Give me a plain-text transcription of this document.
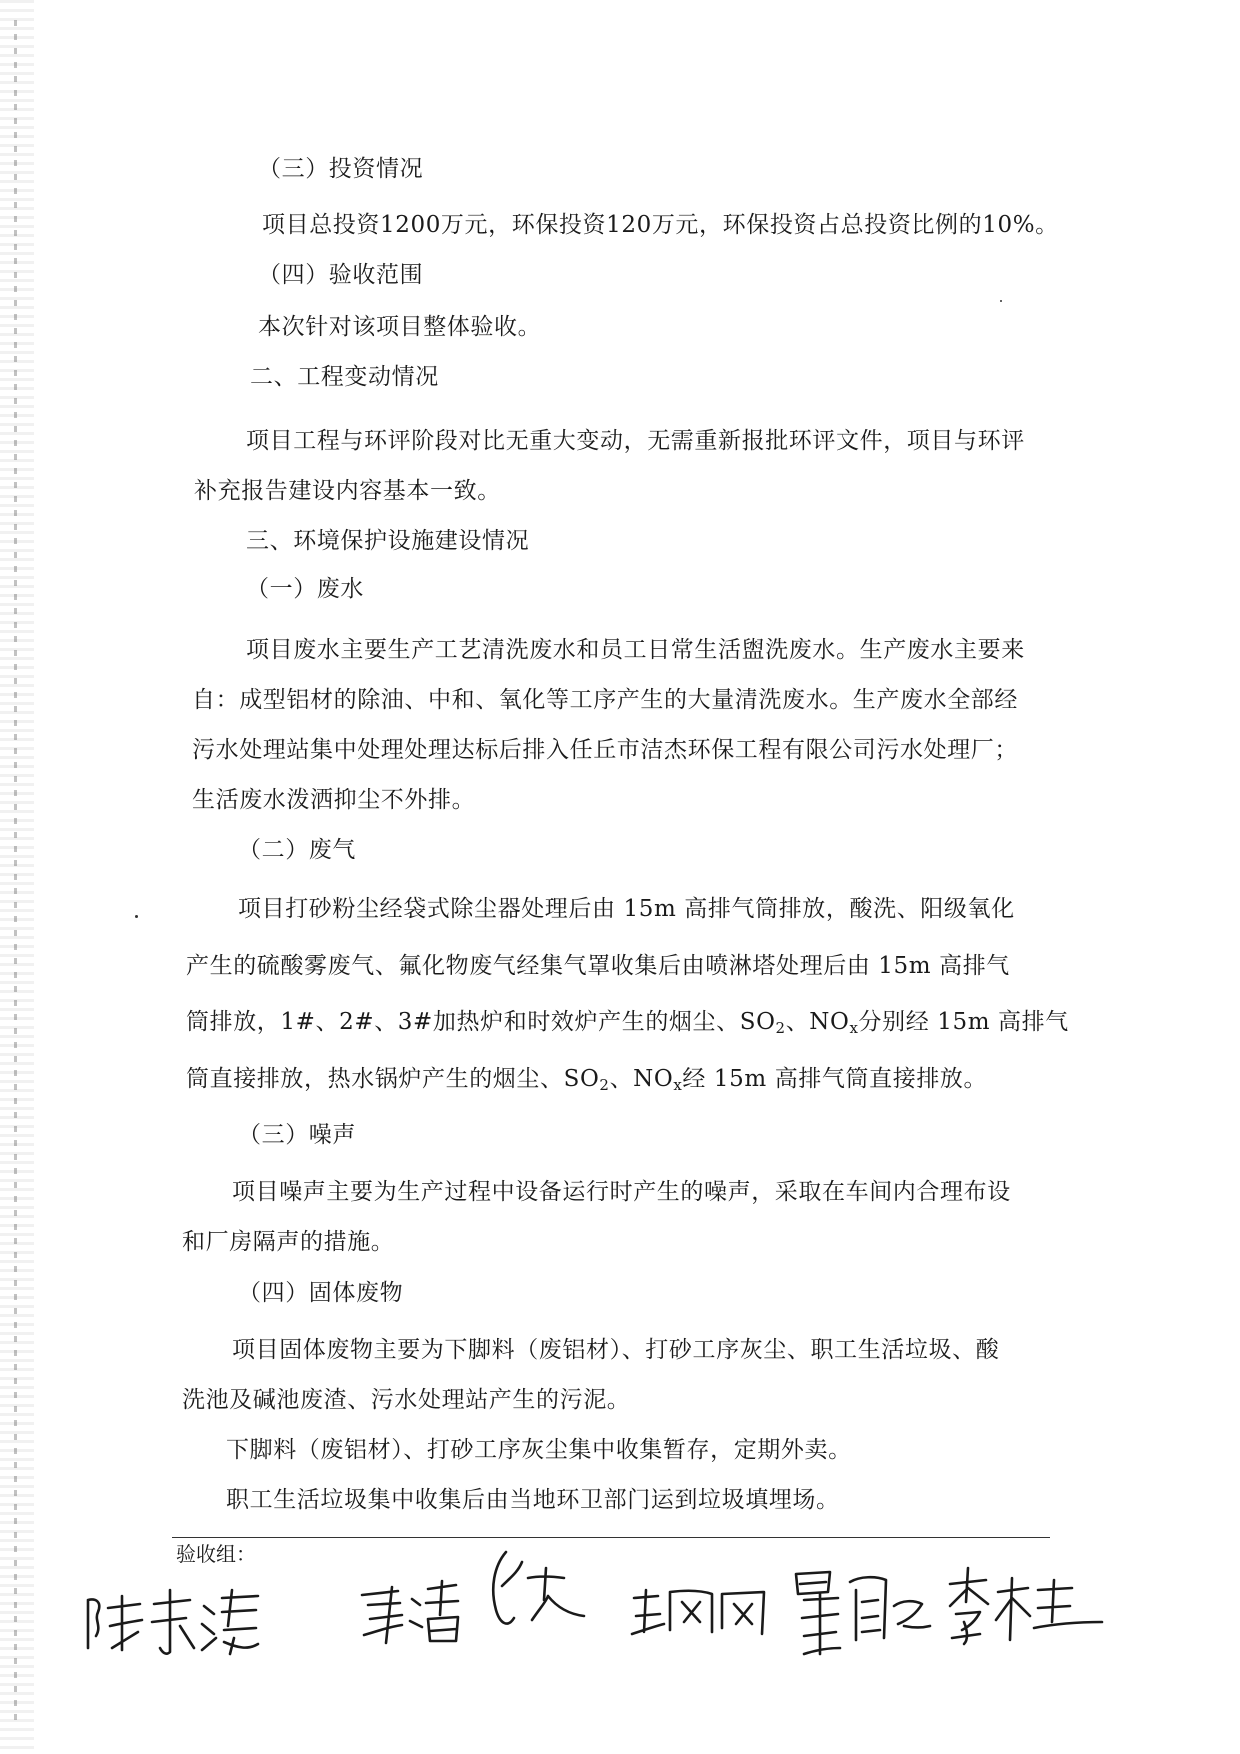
（三）投资情况
项目总投资1200万元，环保投资120万元，环保投资占总投资比例的10%。
（四）验收范围
本次针对该项目整体验收。
二、工程变动情况
项目工程与环评阶段对比无重大变动，无需重新报批环评文件，项目与环评
补充报告建设内容基本一致。
三、环境保护设施建设情况
（一）废水
项目废水主要生产工艺清洗废水和员工日常生活盥洗废水。生产废水主要来
自：成型铝材的除油、中和、氧化等工序产生的大量清洗废水。生产废水全部经
污水处理站集中处理处理达标后排入任丘市洁杰环保工程有限公司污水处理厂；
生活废水泼洒抑尘不外排。
（二）废气
项目打砂粉尘经袋式除尘器处理后由 15m 高排气筒排放，酸洗、阳级氧化
产生的硫酸雾废气、氟化物废气经集气罩收集后由喷淋塔处理后由 15m 高排气
筒排放，1#、2#、3#加热炉和时效炉产生的烟尘、$SO_2$、$NO_x$分别经 15m 高排气
筒直接排放，热水锅炉产生的烟尘、$SO_2$、$NO_x$经 15m 高排气筒直接排放。
（三）噪声
项目噪声主要为生产过程中设备运行时产生的噪声，采取在车间内合理布设
和厂房隔声的措施。
（四）固体废物
项目固体废物主要为下脚料（废铝材）、打砂工序灰尘、职工生活垃圾、酸
洗池及碱池废渣、污水处理站产生的污泥。
下脚料（废铝材）、打砂工序灰尘集中收集暂存，定期外卖。
职工生活垃圾集中收集后由当地环卫部门运到垃圾填埋场。
验收组：
